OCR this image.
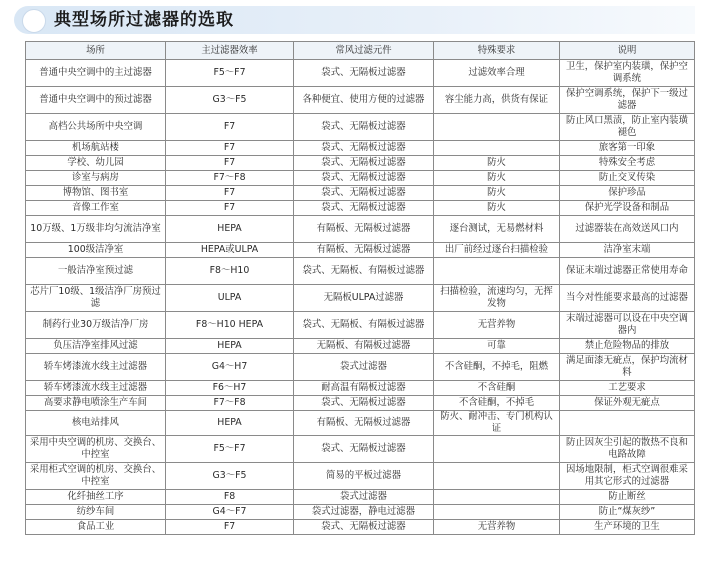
典型场所过滤器的选取
场所	主过滤器效率	常风过滤元件	特殊要求	说明
普通中央空调中的主过滤器	F5～F7	袋式、无隔板过滤器	过滤效率合理	卫生，保护室内装璜，保护空调系统
普通中央空调中的预过滤器	G3～F5	各种便宜、使用方便的过滤器	容尘能力高，供货有保证	保护空调系统，保护下一级过滤器
高档公共场所中央空调	F7	袋式、无隔板过滤器		防止风口黑渍，防止室内装璜褪色
机场航站楼	F7	袋式、无隔板过滤器		旅客第一印象
学校、幼儿园	F7	袋式、无隔板过滤器	防火	特殊安全考虑
诊室与病房	F7～F8	袋式、无隔板过滤器	防火	防止交叉传染
博物馆、图书室	F7	袋式、无隔板过滤器	防火	保护珍品
音像工作室	F7	袋式、无隔板过滤器	防火	保护光学设备和制品
10万级、1万级非均匀流洁净室	HEPA	有隔板、无隔板过滤器	逐台测试，无易燃材料	过滤器装在高效送风口内
100级洁净室	HEPA或ULPA	有隔板、无隔板过滤器	出厂前经过逐台扫描检验	洁净室末端
一般洁净室预过滤	F8～H10	袋式、无隔板、有隔板过滤器		保证末端过滤器正常使用寿命
芯片厂10级、1级洁净厂房预过滤	ULPA	无隔板ULPA过滤器	扫描检验，流速均匀，无挥发物	当今对性能要求最高的过滤器
制药行业30万级洁净厂房	F8～H10 HEPA	袋式、无隔板、有隔板过滤器	无营养物	末端过滤器可以设在中央空调器内
负压洁净室排风过滤	HEPA	无隔板、有隔板过滤器	可靠	禁止危险物品的排放
轿车烤漆流水线主过滤器	G4～H7	袋式过滤器	不含硅酮，不掉毛，阻燃	满足面漆无疵点，保护均流材料
轿车烤漆流水线主过滤器	F6～H7	耐高温有隔板过滤器	不含硅酮	工艺要求
高要求静电喷涂生产车间	F7～F8	袋式、无隔板过滤器	不含硅酮，不掉毛	保证外观无疵点
核电站排风	HEPA	有隔板、无隔板过滤器	防火、耐冲击、专门机构认证	
采用中央空调的机房、交换台、中控室	F5～F7	袋式、无隔板过滤器		防止因灰尘引起的散热不良和电路故障
采用柜式空调的机房、交换台、中控室	G3～F5	简易的平板过滤器		因场地限制，柜式空调很难采用其它形式的过滤器
化纤抽丝工序	F8	袋式过滤器		防止断丝
纺纱车间	G4～F7	袋式过滤器，静电过滤器		防止“煤灰纱”
食品工业	F7	袋式、无隔板过滤器	无营养物	生产环境的卫生
